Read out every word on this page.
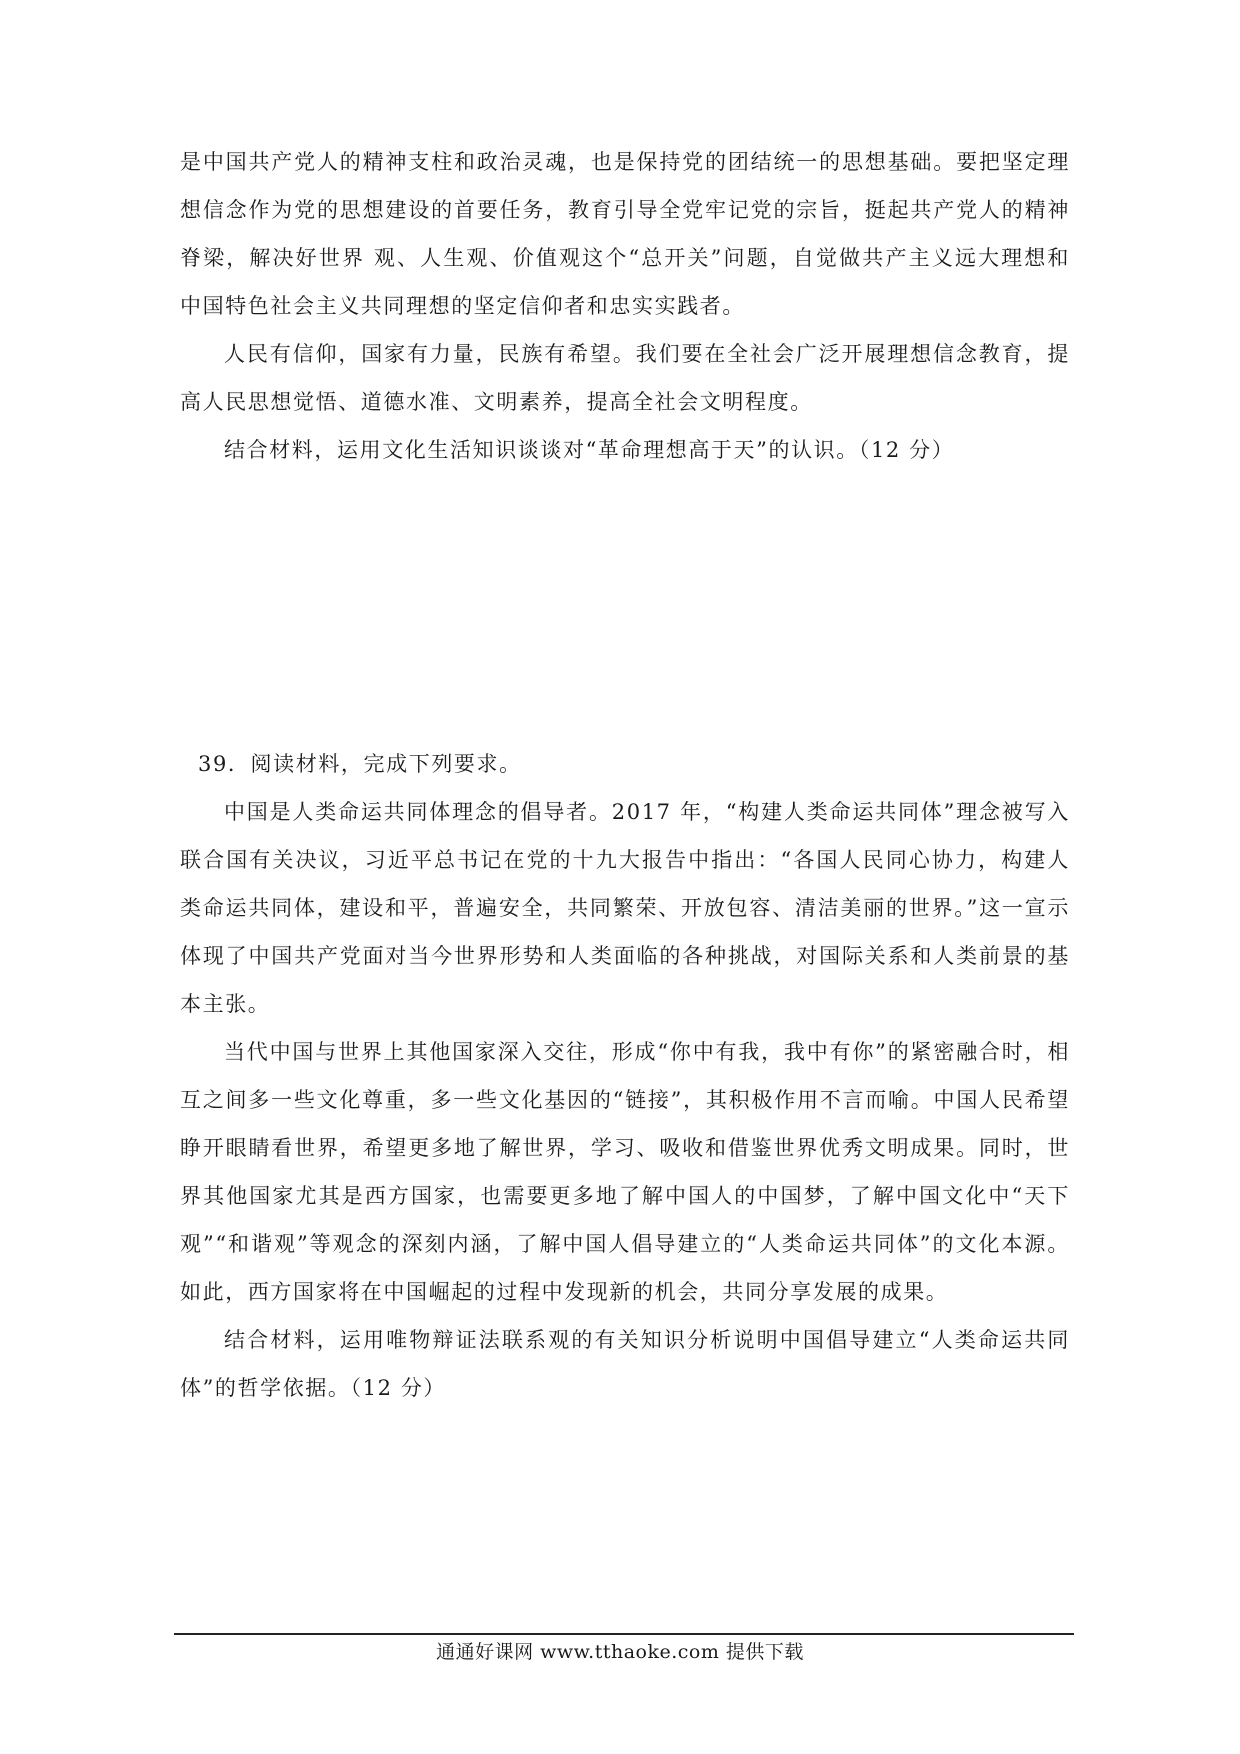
是中国共产党人的精神支柱和政治灵魂，也是保持党的团结统一的思想基础。要把坚定理想信念作为党的思想建设的首要任务，教育引导全党牢记党的宗旨，挺起共产党人的精神脊梁，解决好世界 观、人生观、价值观这个“总开关”问题，自觉做共产主义远大理想和中国特色社会主义共同理想的坚定信仰者和忠实实践者。

人民有信仰，国家有力量，民族有希望。我们要在全社会广泛开展理想信念教育，提高人民思想觉悟、道德水准、文明素养，提高全社会文明程度。

结合材料，运用文化生活知识谈谈对“革命理想高于天”的认识。（12 分）

39．阅读材料，完成下列要求。

中国是人类命运共同体理念的倡导者。2017 年，“构建人类命运共同体”理念被写入联合国有关决议，习近平总书记在党的十九大报告中指出：“各国人民同心协力，构建人类命运共同体，建设和平，普遍安全，共同繁荣、开放包容、清洁美丽的世界。”这一宣示体现了中国共产党面对当今世界形势和人类面临的各种挑战，对国际关系和人类前景的基本主张。

当代中国与世界上其他国家深入交往，形成“你中有我，我中有你”的紧密融合时，相互之间多一些文化尊重，多一些文化基因的“链接”，其积极作用不言而喻。中国人民希望睁开眼睛看世界，希望更多地了解世界，学习、吸收和借鉴世界优秀文明成果。同时，世界其他国家尤其是西方国家，也需要更多地了解中国人的中国梦，了解中国文化中“天下观”“和谐观”等观念的深刻内涵，了解中国人倡导建立的“人类命运共同体”的文化本源。如此，西方国家将在中国崛起的过程中发现新的机会，共同分享发展的成果。

结合材料，运用唯物辩证法联系观的有关知识分析说明中国倡导建立“人类命运共同体”的哲学依据。（12 分）

通通好课网 www.tthaoke.com 提供下载
